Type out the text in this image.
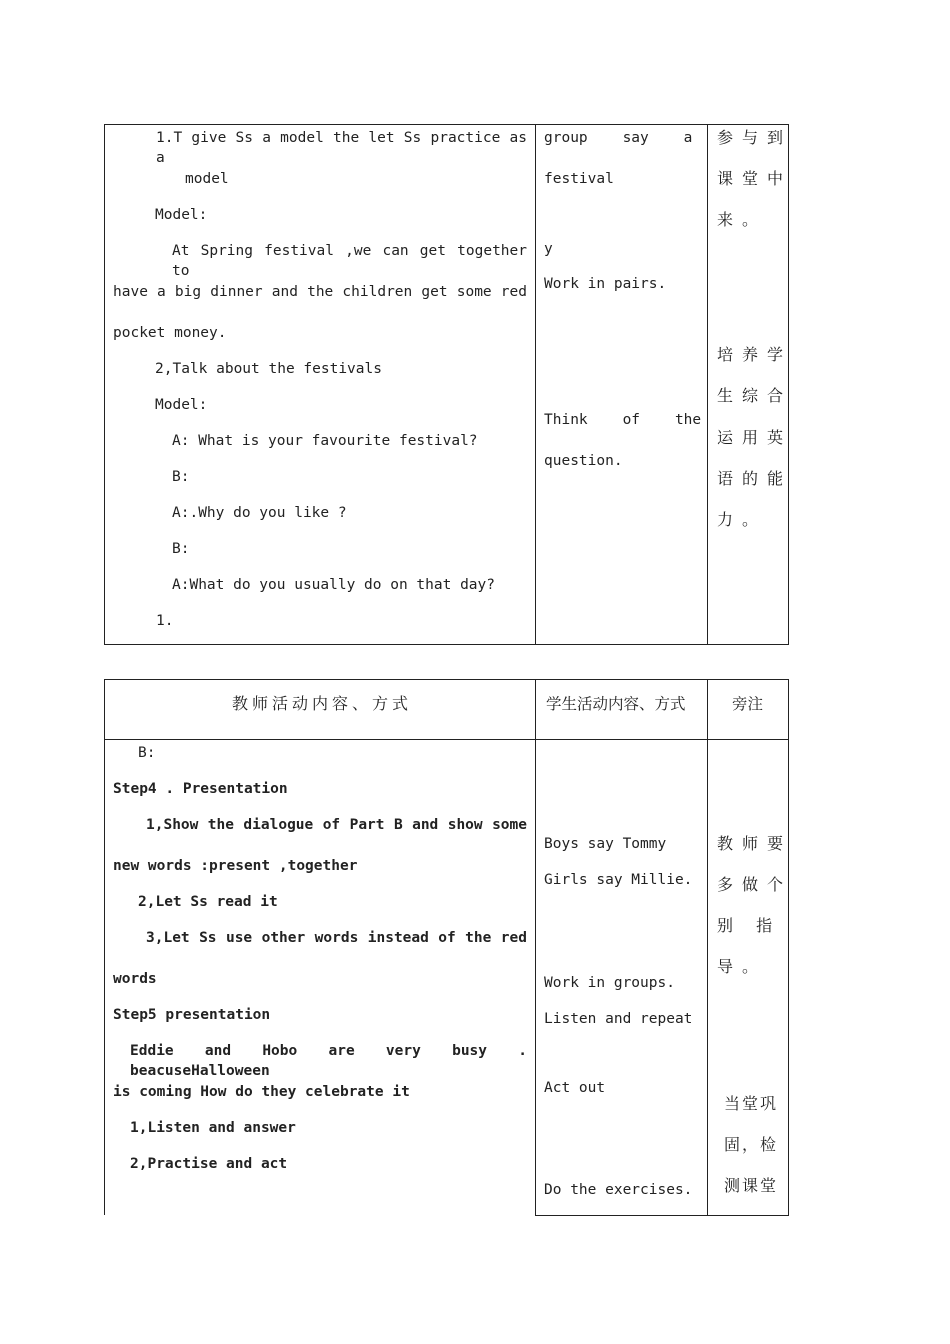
1.T give Ss a model the let Ss practice as a
model
Model:
At Spring festival ,we can get together to
have a big dinner and the children get some red
pocket money.
2,Talk about the festivals
Model:
A: What is your favourite festival?
B:
A:.Why do you like ?
B:
A:What do you usually do on that day?
1.
group    say    a
festival
y
Work in pairs.
Think    of    the
question.
参与到
课堂中
来。
培养学
生综合
运用英
语的能
力。
教师活动内容、方式	学生活动内容、方式	旁注
B:
Step4 . Presentation
1,Show the dialogue of Part B and show some
new words :present ,together
2,Let Ss read it
3,Let Ss use other words instead of the red
words
Step5 presentation
Eddie and Hobo are very busy . beacuseHalloween
is coming How do they celebrate it
1,Listen and answer
2,Practise and act
Boys say Tommy
Girls say Millie.
Work in groups.
Listen and repeat
Act out
Do the exercises.
教师要
多做个
别 指
导。
当堂巩
固，检
测课堂
